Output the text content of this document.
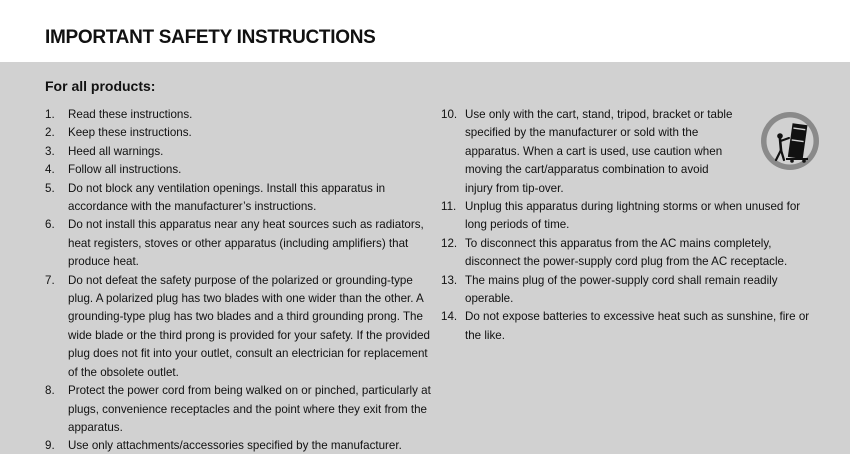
IMPORTANT SAFETY INSTRUCTIONS
For all products:
1. Read these instructions.
2. Keep these instructions.
3. Heed all warnings.
4. Follow all instructions.
5. Do not block any ventilation openings. Install this apparatus in accordance with the manufacturer’s instructions.
6. Do not install this apparatus near any heat sources such as radiators, heat registers, stoves or other apparatus (including amplifiers) that produce heat.
7. Do not defeat the safety purpose of the polarized or grounding-type plug. A polarized plug has two blades with one wider than the other. A grounding-type plug has two blades and a third grounding prong. The wide blade or the third prong is provided for your safety. If the provided plug does not fit into your outlet, consult an electrician for replacement of the obsolete outlet.
8. Protect the power cord from being walked on or pinched, particularly at plugs, convenience receptacles and the point where they exit from the apparatus.
9. Use only attachments/accessories specified by the manufacturer.
10. Use only with the cart, stand, tripod, bracket or table specified by the manufacturer or sold with the apparatus. When a cart is used, use caution when moving the cart/apparatus combination to avoid injury from tip-over.
11. Unplug this apparatus during lightning storms or when unused for long periods of time.
12. To disconnect this apparatus from the AC mains completely, disconnect the power-supply cord plug from the AC receptacle.
13. The mains plug of the power-supply cord shall remain readily operable.
14. Do not expose batteries to excessive heat such as sunshine, fire or the like.
